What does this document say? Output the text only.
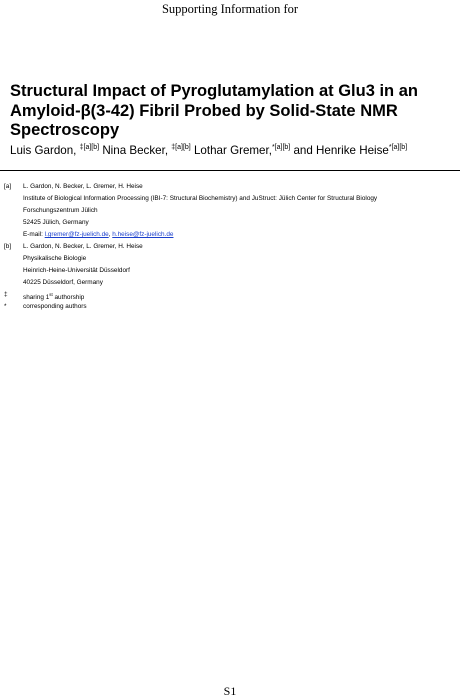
Supporting Information for
Structural Impact of Pyroglutamylation at Glu3 in an
Amyloid-β(3-42) Fibril Probed by Solid-State NMR
Spectroscopy
Luis Gardon, $^{\ddagger[a][b]}$ Nina Becker, $^{\ddagger[a][b]}$ Lothar Gremer,$^{*[a][b]}$ and Henrike Heise$^{*[a][b]}$
[a] L. Gardon, N. Becker, L. Gremer, H. Heise
Institute of Biological Information Processing (IBI-7: Structural Biochemistry) and JuStruct: Jülich Center for Structural Biology
Forschungszentrum Jülich
52425 Jülich, Germany
E-mail: l.gremer@fz-juelich.de, h.heise@fz-juelich.de
[b] L. Gardon, N. Becker, L. Gremer, H. Heise
Physikalische Biologie
Heinrich-Heine-Universität Düsseldorf
40225 Düsseldorf, Germany
‡ sharing 1st authorship
*	corresponding authors
S1
